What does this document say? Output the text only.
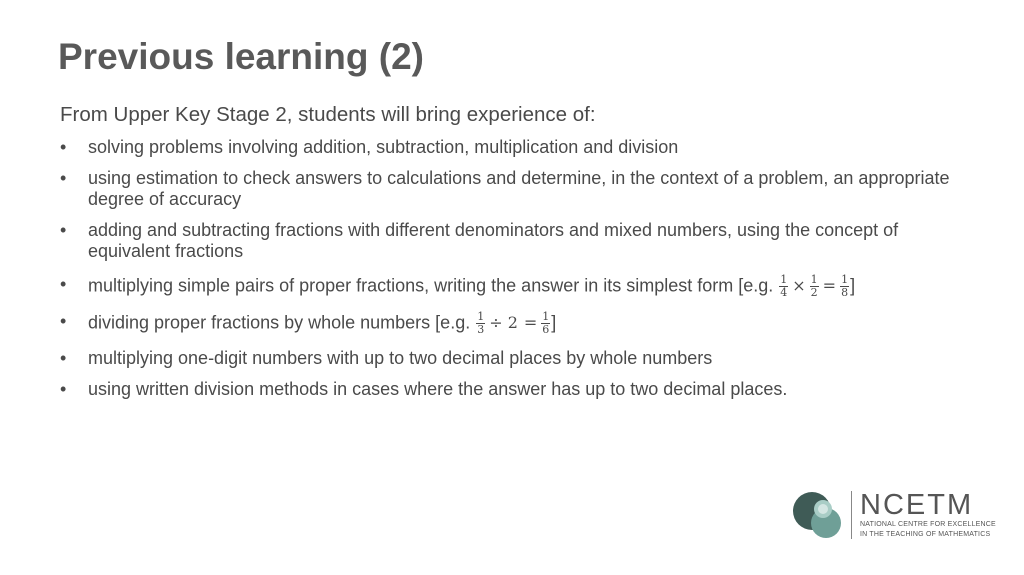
Previous learning (2)
From Upper Key Stage 2, students will bring experience of:
• solving problems involving addition, subtraction, multiplication and division
• using estimation to check answers to calculations and determine, in the context of a problem, an appropriate degree of accuracy
• adding and subtracting fractions with different denominators and mixed numbers, using the concept of equivalent fractions
• multiplying simple pairs of proper fractions, writing the answer in its simplest form [e.g. $\frac{1}{4} \times \frac{1}{2} = \frac{1}{8}$ ]
• dividing proper fractions by whole numbers [e.g. $\frac{1}{3} \div 2 = \frac{1}{6}$ ]
• multiplying one-digit numbers with up to two decimal places by whole numbers
• using written division methods in cases where the answer has up to two decimal places.
NCETM
NATIONAL CENTRE FOR EXCELLENCE
IN THE TEACHING OF MATHEMATICS
